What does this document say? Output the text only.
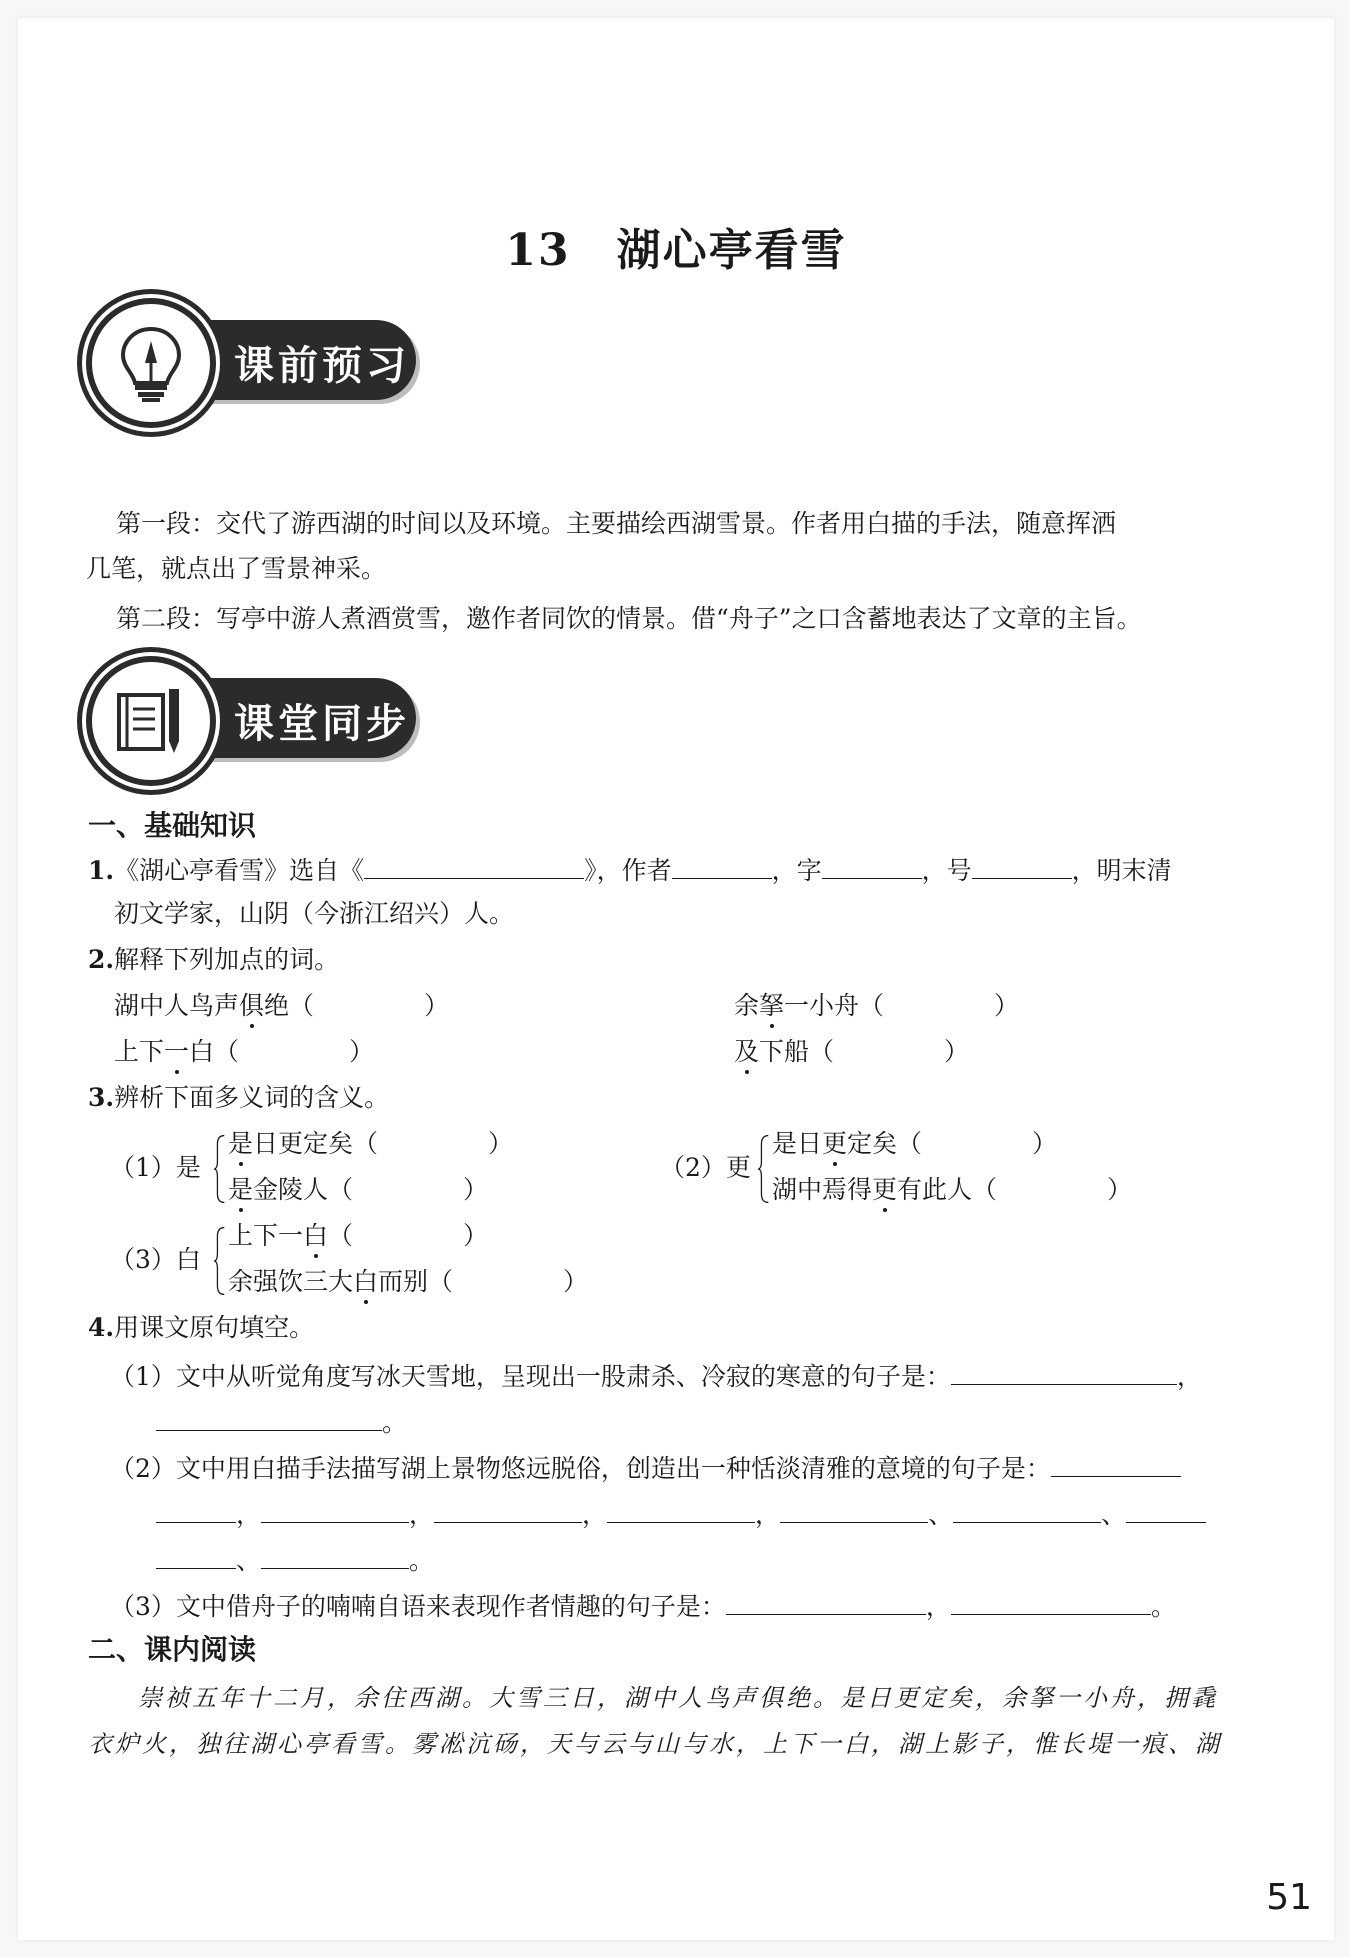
13　湖心亭看雪
课前预习
第一段：交代了游西湖的时间以及环境。主要描绘西湖雪景。作者用白描的手法，随意挥洒
几笔，就点出了雪景神采。
第二段：写亭中游人煮酒赏雪，邀作者同饮的情景。借“舟子”之口含蓄地表达了文章的主旨。
课堂同步
一、基础知识
1.《湖心亭看雪》选自《	》，作者	，字	，号	，明末清
初文学家，山阴（今浙江绍兴）人。
2.解释下列加点的词。
湖中人鸟声俱绝（	）	余拏一小舟（	）
上下一白（	）	及下船（	）
3.辨析下面多义词的含义。
（1）是
是日更定矣（	）
是金陵人（	）
（2）更
是日更定矣（	）
湖中焉得更有此人（	）
（3）白
上下一白（	）
余强饮三大白而别（	）
4.用课文原句填空。
（1）文中从听觉角度写冰天雪地，呈现出一股肃杀、冷寂的寒意的句子是：	，
。
（2）文中用白描手法描写湖上景物悠远脱俗，创造出一种恬淡清雅的意境的句子是：
，	，	，	，	、	、
、	。
（3）文中借舟子的喃喃自语来表现作者情趣的句子是：	，	。
二、课内阅读
崇祯五年十二月，余住西湖。大雪三日，湖中人鸟声俱绝。是日更定矣，余拏一小舟，拥毳
衣炉火，独往湖心亭看雪。雾凇沆砀，天与云与山与水，上下一白，湖上影子，惟长堤一痕、湖
51
